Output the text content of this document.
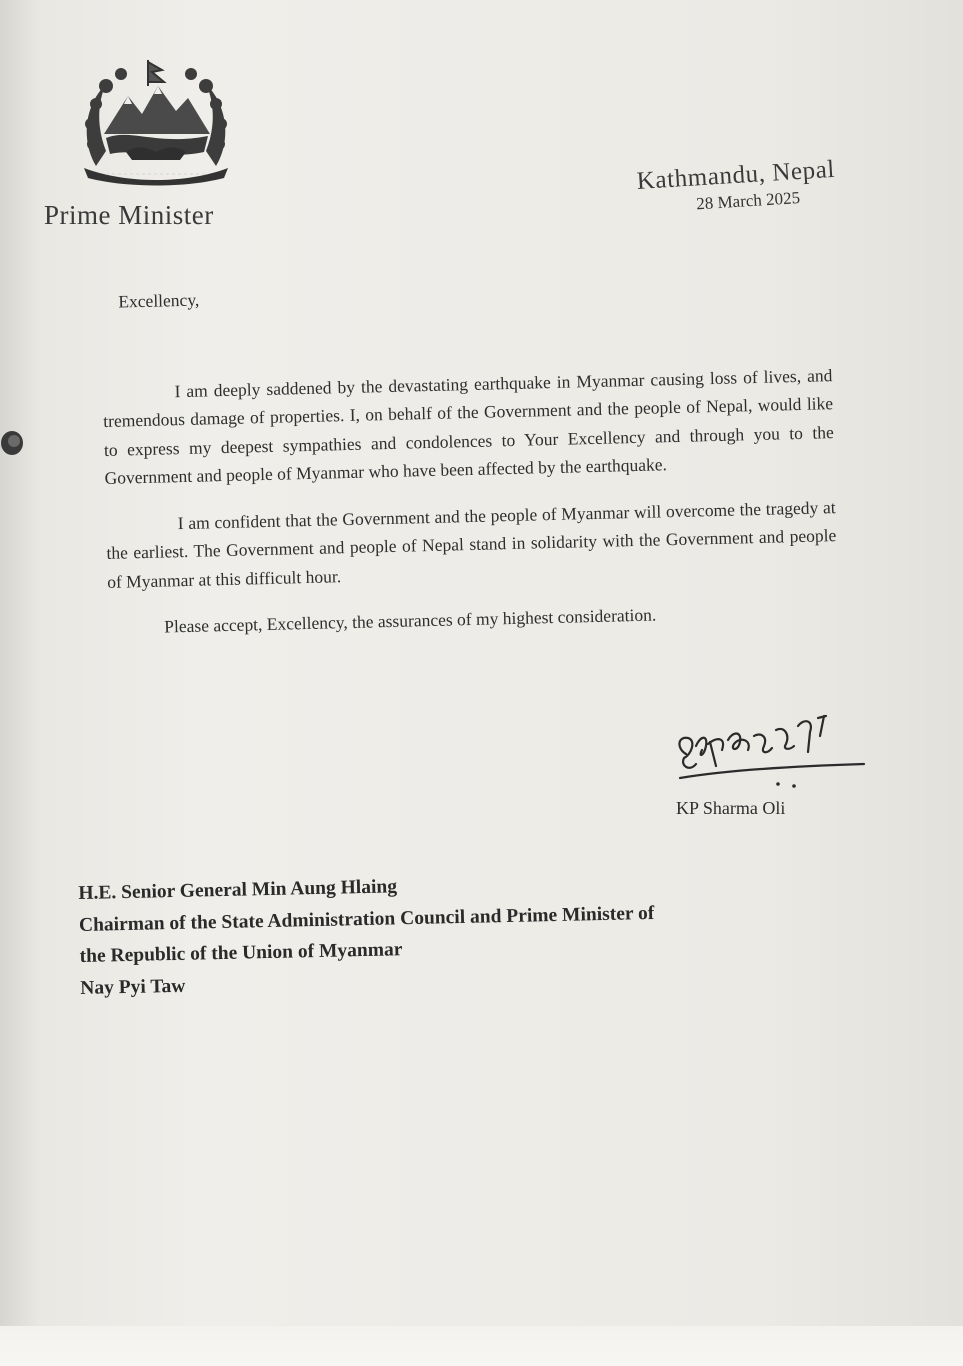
Prime Minister
Kathmandu, Nepal
28 March 2025

Excellency,

I am deeply saddened by the devastating earthquake in Myanmar causing loss of lives, and tremendous damage of properties. I, on behalf of the Government and the people of Nepal, would like to express my deepest sympathies and condolences to Your Excellency and through you to the Government and people of Myanmar who have been affected by the earthquake.

I am confident that the Government and the people of Myanmar will overcome the tragedy at the earliest. The Government and people of Nepal stand in solidarity with the Government and people of Myanmar at this difficult hour.

Please accept, Excellency, the assurances of my highest consideration.

KP Sharma Oli

H.E. Senior General Min Aung Hlaing
Chairman of the State Administration Council and Prime Minister of
the Republic of the Union of Myanmar
Nay Pyi Taw
